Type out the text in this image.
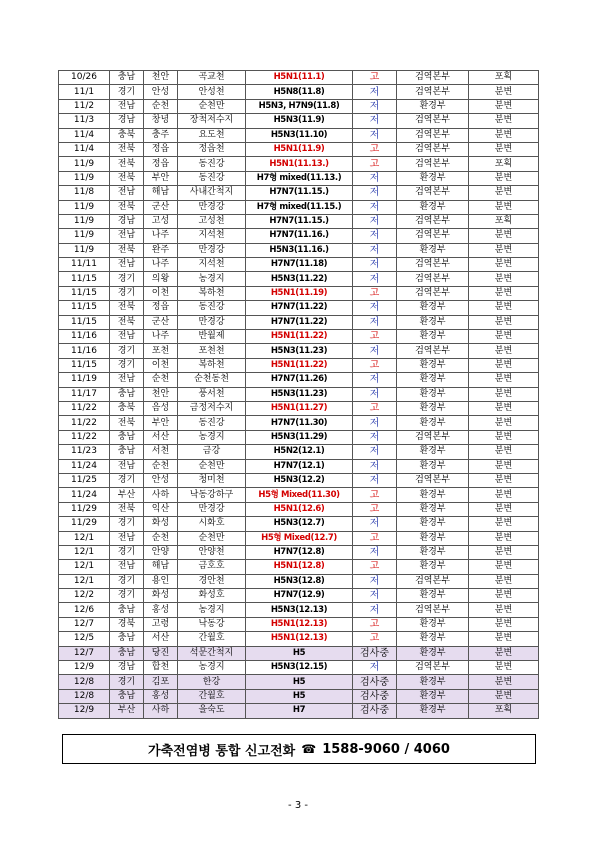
10/26	충남	천안	곡교천	H5N1(11.1)	고	검역본부	포획
11/1	경기	안성	안성천	H5N8(11.8)	저	검역본부	분변
11/2	전남	순천	순천만	H5N3, H7N9(11.8)	저	환경부	분변
11/3	경남	창녕	장척저수지	H5N3(11.9)	저	검역본부	분변
11/4	충북	충주	요도천	H5N3(11.10)	저	검역본부	분변
11/4	전북	정읍	정읍천	H5N1(11.9)	고	검역본부	분변
11/9	전북	정읍	동진강	H5N1(11.13.)	고	검역본부	포획
11/9	전북	부안	동진강	H7형 mixed(11.13.)	저	환경부	분변
11/8	전남	해남	사내간척지	H7N7(11.15.)	저	검역본부	분변
11/9	전북	군산	만경강	H7형 mixed(11.15.)	저	환경부	분변
11/9	경남	고성	고성천	H7N7(11.15.)	저	검역본부	포획
11/9	전남	나주	지석천	H7N7(11.16.)	저	검역본부	분변
11/9	전북	완주	만경강	H5N3(11.16.)	저	환경부	분변
11/11	전남	나주	지석천	H7N7(11.18)	저	검역본부	분변
11/15	경기	의왕	농경지	H5N3(11.22)	저	검역본부	분변
11/15	경기	이천	복하천	H5N1(11.19)	고	검역본부	분변
11/15	전북	정읍	동진강	H7N7(11.22)	저	환경부	분변
11/15	전북	군산	만경강	H7N7(11.22)	저	환경부	분변
11/16	전남	나주	반월제	H5N1(11.22)	고	환경부	분변
11/16	경기	포천	포천천	H5N3(11.23)	저	검역본부	분변
11/15	경기	이천	복하천	H5N1(11.22)	고	환경부	분변
11/19	전남	순천	순천동천	H7N7(11.26)	저	환경부	분변
11/17	충남	천안	풍서천	H5N3(11.23)	저	환경부	분변
11/22	충북	음성	금정저수지	H5N1(11.27)	고	환경부	분변
11/22	전북	부안	동진강	H7N7(11.30)	저	환경부	분변
11/22	충남	서산	농경지	H5N3(11.29)	저	검역본부	분변
11/23	충남	서천	금강	H5N2(12.1)	저	환경부	분변
11/24	전남	순천	순천만	H7N7(12.1)	저	환경부	분변
11/25	경기	안성	청미천	H5N3(12.2)	저	검역본부	분변
11/24	부산	사하	낙동강하구	H5형 Mixed(11.30)	고	환경부	분변
11/29	전북	익산	만경강	H5N1(12.6)	고	환경부	분변
11/29	경기	화성	시화호	H5N3(12.7)	저	환경부	분변
12/1	전남	순천	순천만	H5형 Mixed(12.7)	고	환경부	분변
12/1	경기	안양	안양천	H7N7(12.8)	저	환경부	분변
12/1	전남	해남	금호호	H5N1(12.8)	고	환경부	분변
12/1	경기	용인	경안천	H5N3(12.8)	저	검역본부	분변
12/2	경기	화성	화성호	H7N7(12.9)	저	환경부	분변
12/6	충남	홍성	농경지	H5N3(12.13)	저	검역본부	분변
12/7	경북	고령	낙동강	H5N1(12.13)	고	환경부	분변
12/5	충남	서산	간월호	H5N1(12.13)	고	환경부	분변
12/7	충남	당진	석문간척지	H5	검사중	환경부	분변
12/9	경남	합천	농경지	H5N3(12.15)	저	검역본부	분변
12/8	경기	김포	한강	H5	검사중	환경부	분변
12/8	충남	홍성	간월호	H5	검사중	환경부	분변
12/9	부산	사하	을숙도	H7	검사중	환경부	포획
가축전염병 통합 신고전화 ☎ 1588-9060 / 4060
- 3 -
